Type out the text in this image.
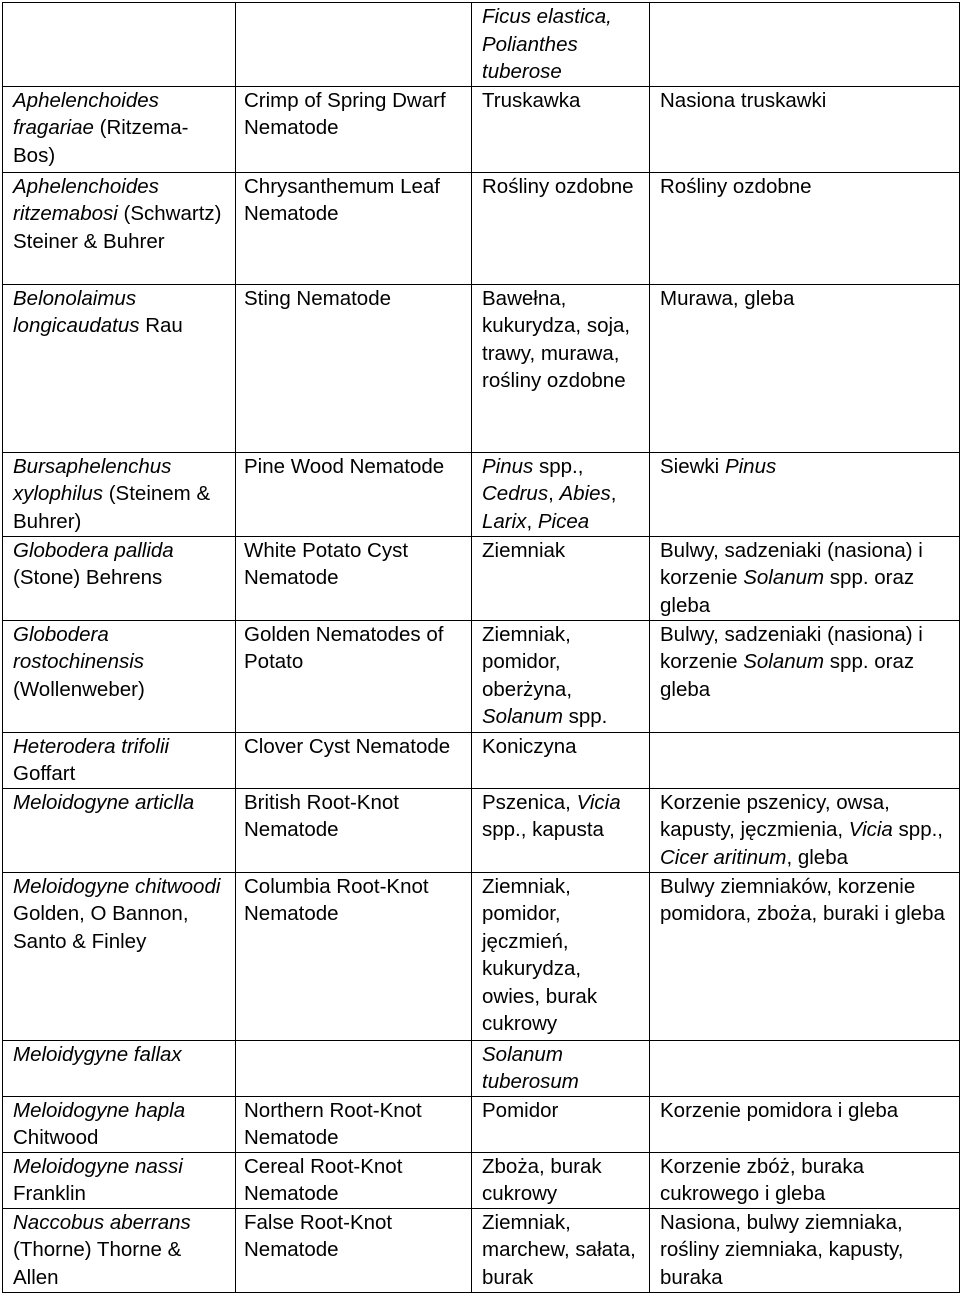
		Ficus elastica, Polianthes tuberose	
Aphelenchoides fragariae (Ritzema-Bos)	Crimp of Spring Dwarf Nematode	Truskawka	Nasiona truskawki
Aphelenchoides ritzemabosi (Schwartz) Steiner & Buhrer	Chrysanthemum Leaf Nematode	Rośliny ozdobne	Rośliny ozdobne
Belonolaimus longicaudatus Rau	Sting Nematode	Bawełna, kukurydza, soja, trawy, murawa, rośliny ozdobne	Murawa, gleba
Bursaphelenchus xylophilus (Steinem & Buhrer)	Pine Wood Nematode	Pinus spp., Cedrus, Abies, Larix, Picea	Siewki Pinus
Globodera pallida (Stone) Behrens	White Potato Cyst Nematode	Ziemniak	Bulwy, sadzeniaki (nasiona) i korzenie Solanum spp. oraz gleba
Globodera rostochinensis (Wollenweber)	Golden Nematodes of Potato	Ziemniak, pomidor, oberżyna, Solanum spp.	Bulwy, sadzeniaki (nasiona) i korzenie Solanum spp. oraz gleba
Heterodera trifolii Goffart	Clover Cyst Nematode	Koniczyna	
Meloidogyne articlla	British Root-Knot Nematode	Pszenica, Vicia spp., kapusta	Korzenie pszenicy, owsa, kapusty, jęczmienia, Vicia spp., Cicer aritinum, gleba
Meloidogyne chitwoodi Golden, O Bannon, Santo & Finley	Columbia Root-Knot Nematode	Ziemniak, pomidor, jęczmień, kukurydza, owies, burak cukrowy	Bulwy ziemniaków, korzenie pomidora, zboża, buraki i gleba
Meloidygyne fallax		Solanum tuberosum	
Meloidogyne hapla Chitwood	Northern Root-Knot Nematode	Pomidor	Korzenie pomidora i gleba
Meloidogyne nassi Franklin	Cereal Root-Knot Nematode	Zboża, burak cukrowy	Korzenie zbóż, buraka cukrowego i gleba
Naccobus aberrans (Thorne) Thorne & Allen	False Root-Knot Nematode	Ziemniak, marchew, sałata, burak	Nasiona, bulwy ziemniaka, rośliny ziemniaka, kapusty, buraka
